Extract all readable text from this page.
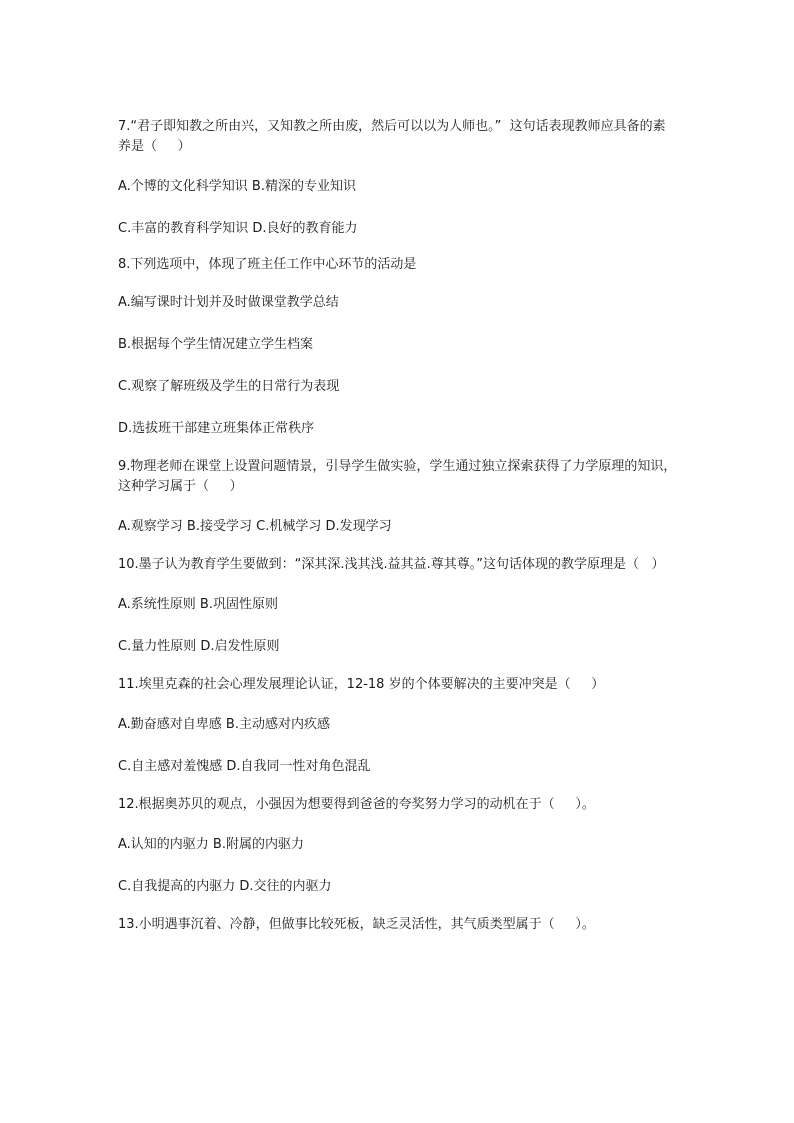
7.“君子即知教之所由兴，又知教之所由废，然后可以以为人师也。”  这句话表现教师应具备的素养是（     ）
A.个博的文化科学知识 B.精深的专业知识
C.丰富的教育科学知识 D.良好的教育能力
8.下列选项中，体现了班主任工作中心环节的活动是
A.编写课时计划并及时做课堂教学总结
B.根据每个学生情况建立学生档案
C.观察了解班级及学生的日常行为表现
D.选拔班干部建立班集体正常秩序
9.物理老师在课堂上设置问题情景，引导学生做实验，学生通过独立探索获得了力学原理的知识，这种学习属于（     ）
A.观察学习 B.接受学习 C.机械学习 D.发现学习
10.墨子认为教育学生要做到：“深其深.浅其浅.益其益.尊其尊。”这句话体现的教学原理是（   ）
A.系统性原则 B.巩固性原则
C.量力性原则 D.启发性原则
11.埃里克森的社会心理发展理论认证，12-18 岁的个体要解决的主要冲突是（     ）
A.勤奋感对自卑感 B.主动感对内疚感
C.自主感对羞愧感 D.自我同一性对角色混乱
12.根据奥苏贝的观点，小强因为想要得到爸爸的夸奖努力学习的动机在于（     ）。
A.认知的内驱力 B.附属的内驱力
C.自我提高的内驱力 D.交往的内驱力
13.小明遇事沉着、冷静，但做事比较死板，缺乏灵活性，其气质类型属于（     ）。
